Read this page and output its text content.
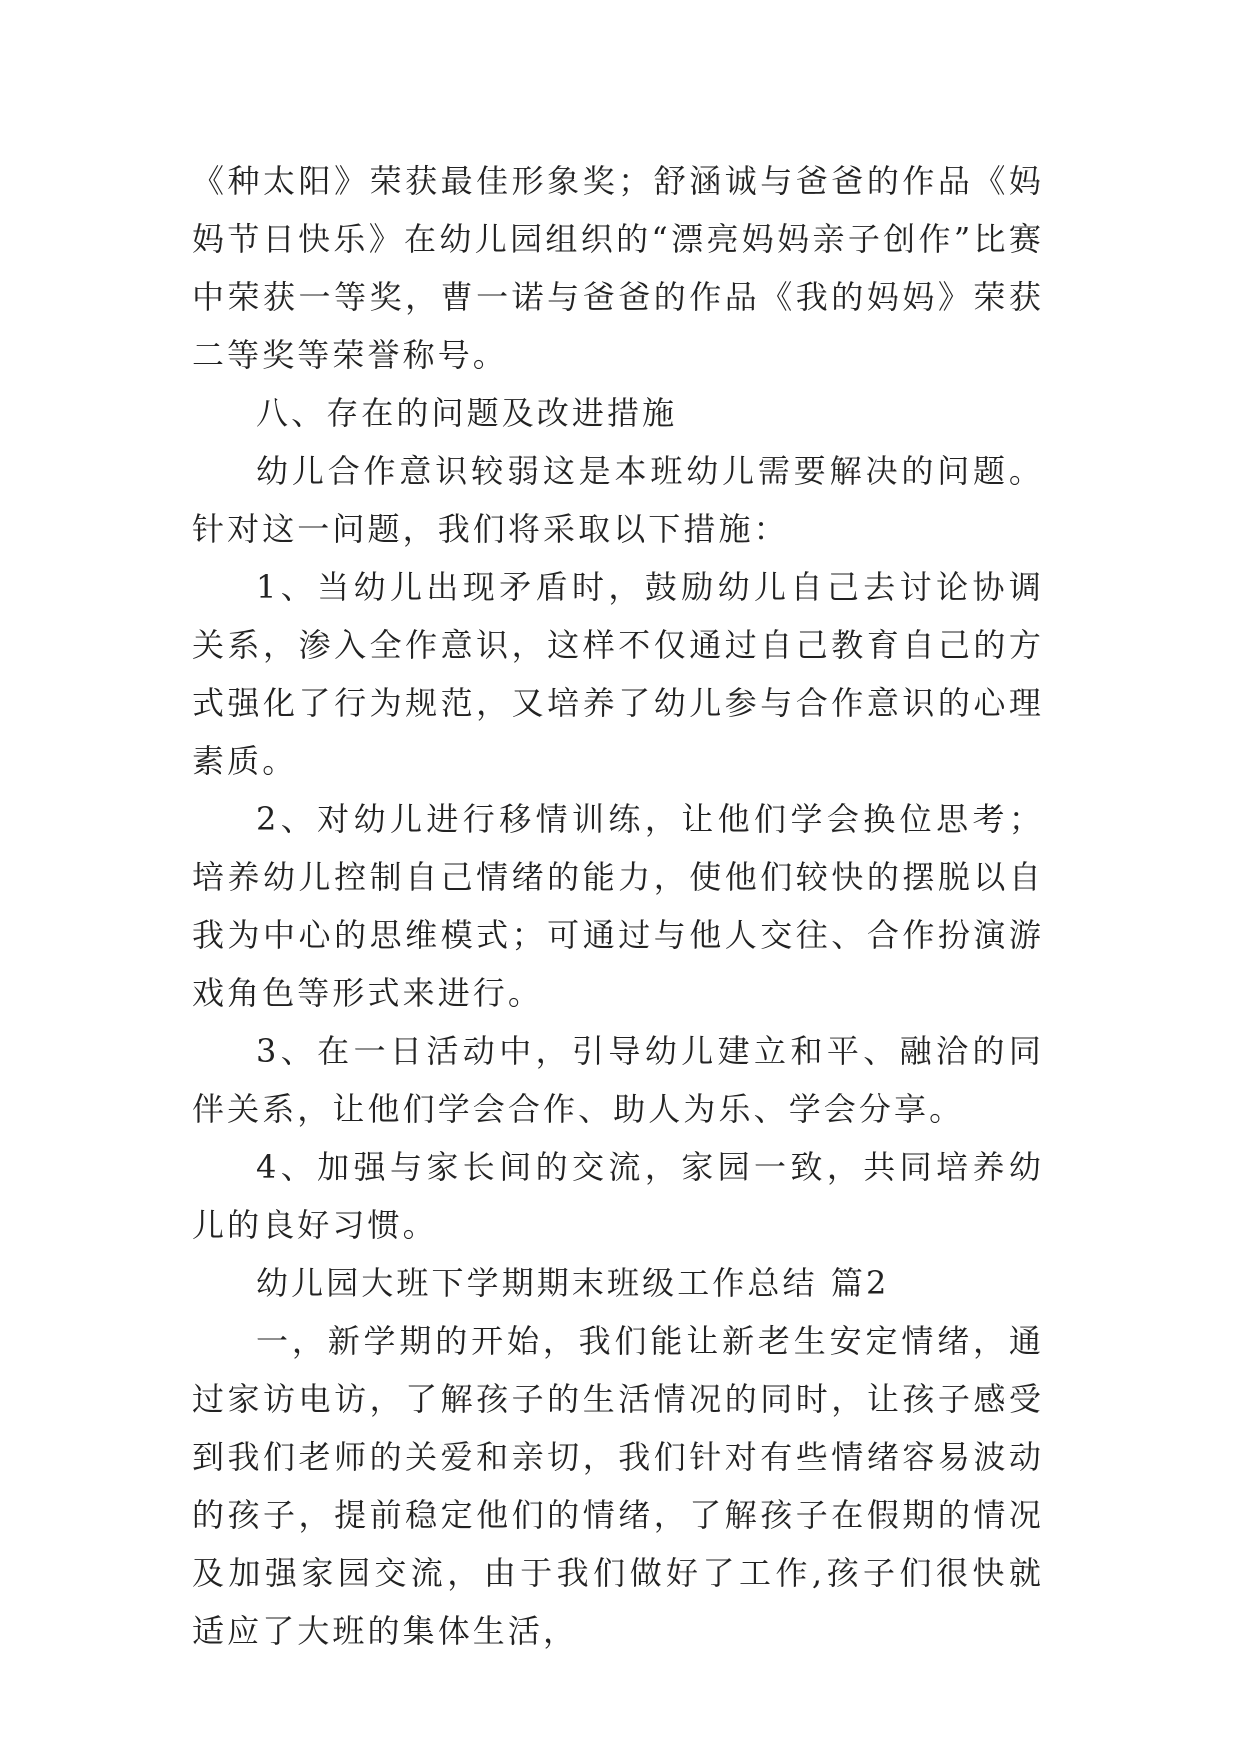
《种太阳》荣获最佳形象奖；舒涵诚与爸爸的作品《妈妈节日快乐》在幼儿园组织的“漂亮妈妈亲子创作”比赛中荣获一等奖，曹一诺与爸爸的作品《我的妈妈》荣获二等奖等荣誉称号。

八、存在的问题及改进措施

幼儿合作意识较弱这是本班幼儿需要解决的问题。针对这一问题，我们将采取以下措施：

1、当幼儿出现矛盾时，鼓励幼儿自己去讨论协调关系，渗入全作意识，这样不仅通过自己教育自己的方式强化了行为规范，又培养了幼儿参与合作意识的心理素质。

2、对幼儿进行移情训练，让他们学会换位思考；培养幼儿控制自己情绪的能力，使他们较快的摆脱以自我为中心的思维模式；可通过与他人交往、合作扮演游戏角色等形式来进行。

3、在一日活动中，引导幼儿建立和平、融洽的同伴关系，让他们学会合作、助人为乐、学会分享。

4、加强与家长间的交流，家园一致，共同培养幼儿的良好习惯。

幼儿园大班下学期期末班级工作总结 篇2

一，新学期的开始，我们能让新老生安定情绪，通过家访电访，了解孩子的生活情况的同时，让孩子感受到我们老师的关爱和亲切，我们针对有些情绪容易波动的孩子，提前稳定他们的情绪，了解孩子在假期的情况及加强家园交流，由于我们做好了工作,孩子们很快就适应了大班的集体生活，
